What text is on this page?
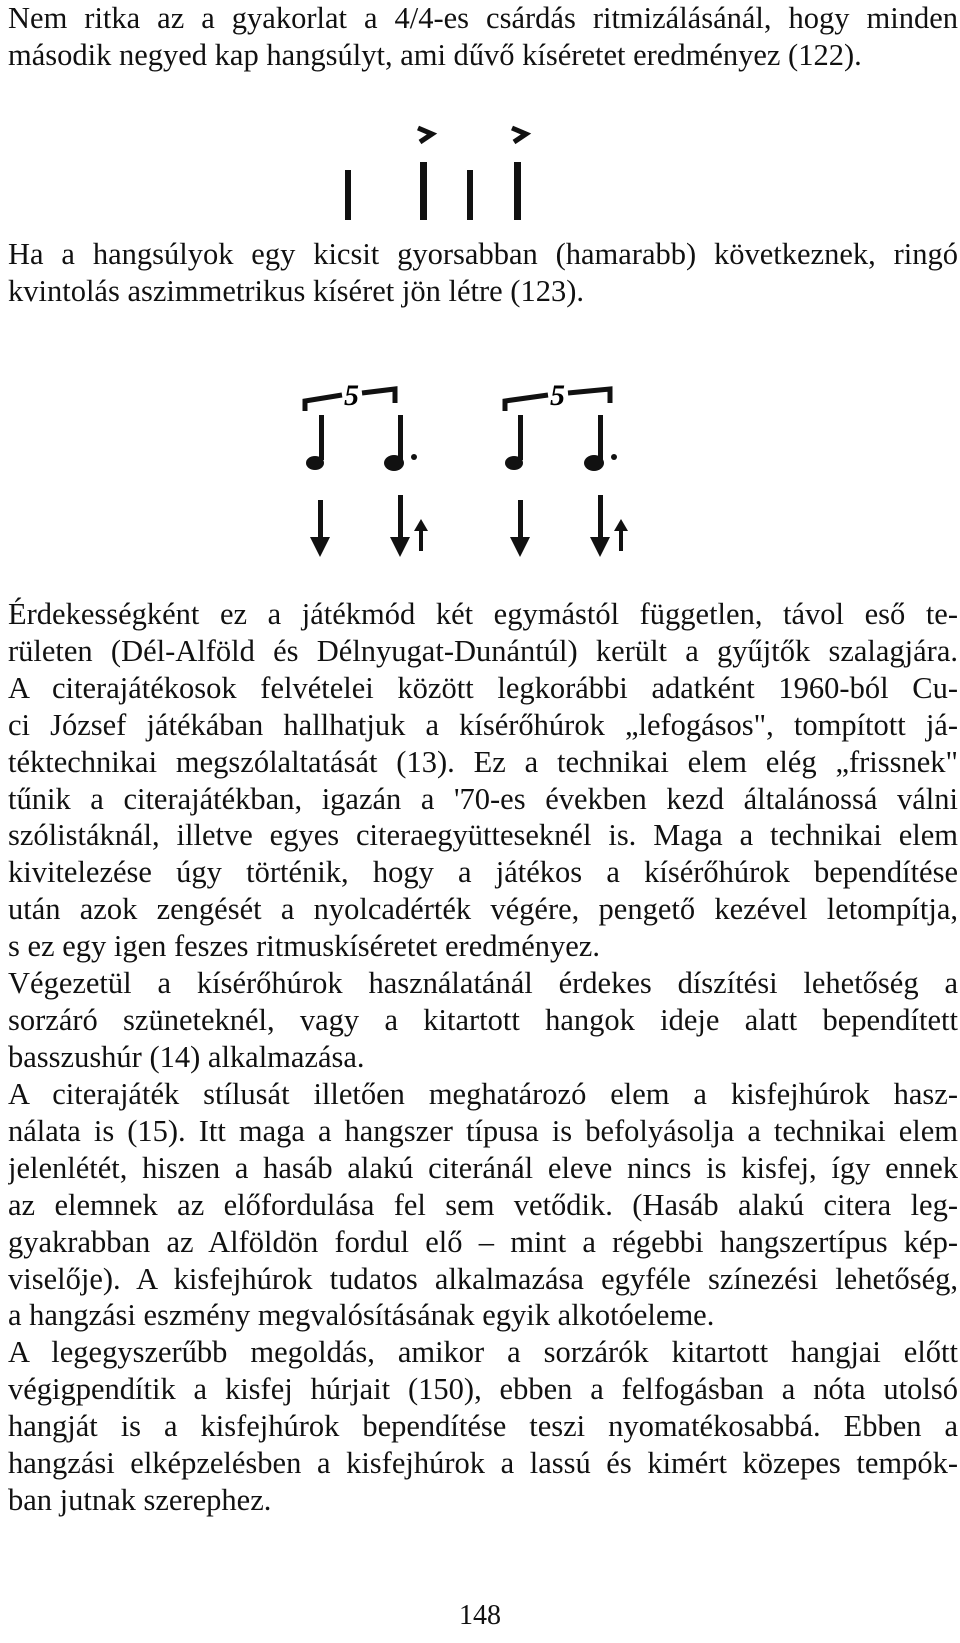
Nem ritka az a gyakorlat a 4/4-es csárdás ritmizálásánál, hogy minden
második negyed kap hangsúlyt, ami dűvő kíséretet eredményez (122).
Ha a hangsúlyok egy kicsit gyorsabban (hamarabb) következnek, ringó
kvintolás aszimmetrikus kíséret jön létre (123).
5	5
Érdekességként ez a játékmód két egymástól független, távol eső te-
rületen (Dél-Alföld és Délnyugat-Dunántúl) került a gyűjtők szalagjára.
A citerajátékosok felvételei között legkorábbi adatként 1960-ból Cu-
ci József játékában hallhatjuk a kísérőhúrok „lefogásos", tompított já-
téktechnikai megszólaltatását (13). Ez a technikai elem elég „frissnek"
tűnik a citerajátékban, igazán a '70-es években kezd általánossá válni
szólistáknál, illetve egyes citeraegyütteseknél is. Maga a technikai elem
kivitelezése úgy történik, hogy a játékos a kísérőhúrok bependítése
után azok zengését a nyolcadérték végére, pengető kezével letompítja,
s ez egy igen feszes ritmuskíséretet eredményez.
Végezetül a kísérőhúrok használatánál érdekes díszítési lehetőség a
sorzáró szüneteknél, vagy a kitartott hangok ideje alatt bependített
basszushúr (14) alkalmazása.
A citerajáték stílusát illetően meghatározó elem a kisfejhúrok hasz-
nálata is (15). Itt maga a hangszer típusa is befolyásolja a technikai elem
jelenlétét, hiszen a hasáb alakú citeránál eleve nincs is kisfej, így ennek
az elemnek az előfordulása fel sem vetődik. (Hasáb alakú citera leg-
gyakrabban az Alföldön fordul elő – mint a régebbi hangszertípus kép-
viselője). A kisfejhúrok tudatos alkalmazása egyféle színezési lehetőség,
a hangzási eszmény megvalósításának egyik alkotóeleme.
A legegyszerűbb megoldás, amikor a sorzárók kitartott hangjai előtt
végigpendítik a kisfej húrjait (150), ebben a felfogásban a nóta utolsó
hangját is a kisfejhúrok bependítése teszi nyomatékosabbá. Ebben a
hangzási elképzelésben a kisfejhúrok a lassú és kimért közepes tempók-
ban jutnak szerephez.
148
